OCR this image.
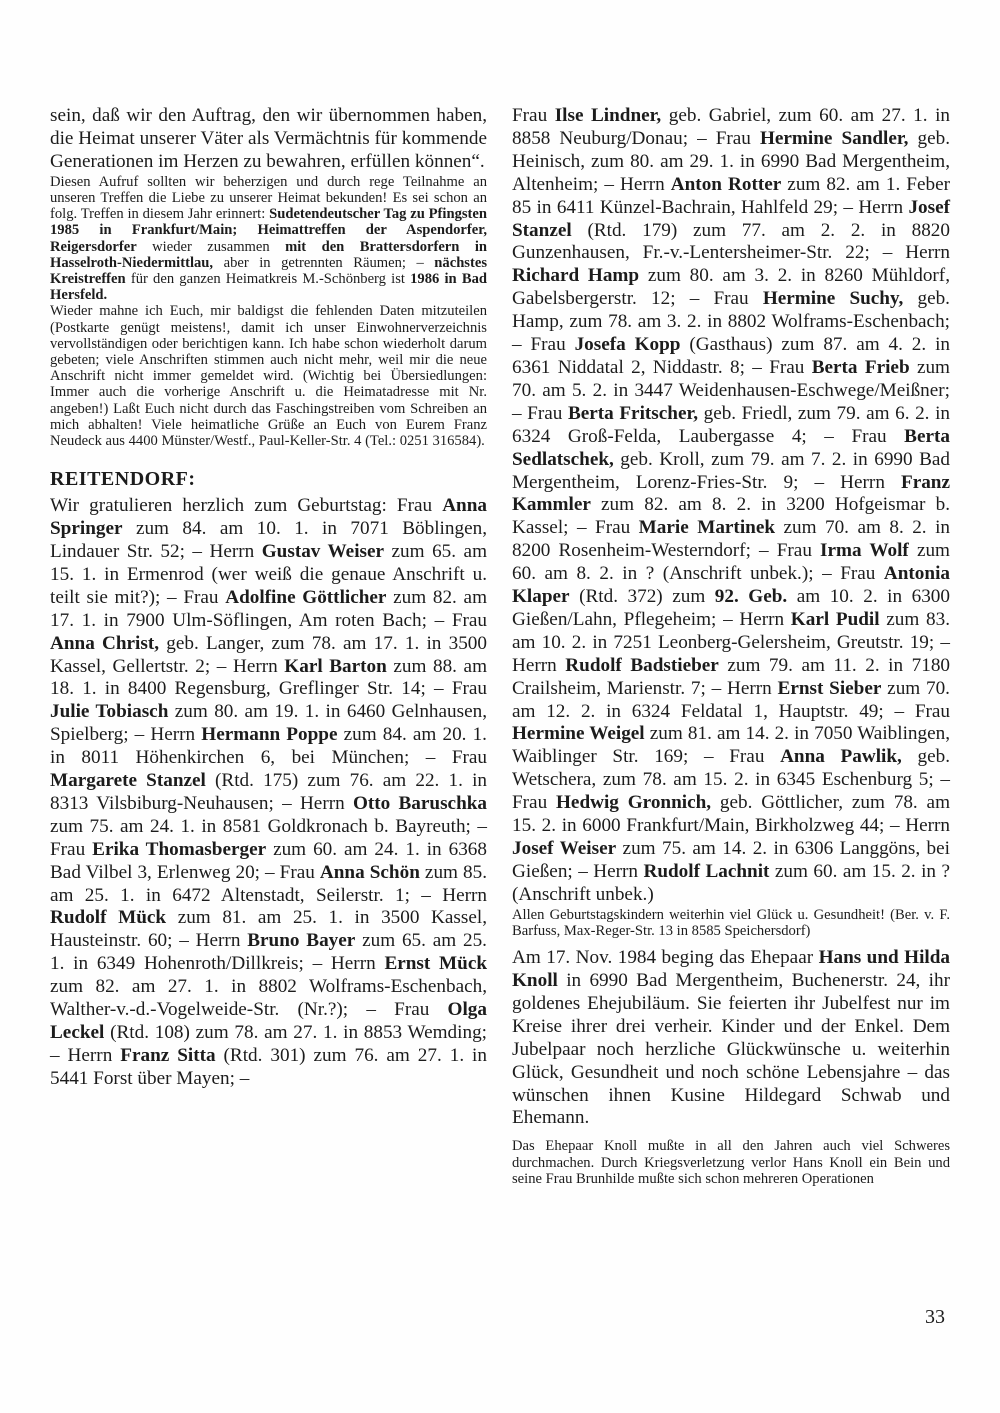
sein, daß wir den Auftrag, den wir übernommen haben, die Heimat unserer Väter als Vermächtnis für kommende Generationen im Herzen zu bewahren, erfüllen können“.

Diesen Aufruf sollten wir beherzigen und durch rege Teilnahme an unseren Treffen die Liebe zu unserer Heimat bekunden! Es sei schon an folg. Treffen in diesem Jahr erinnert: Sudetendeutscher Tag zu Pfingsten 1985 in Frankfurt/Main; Heimattreffen der Aspendorfer, Reigersdorfer wieder zusammen mit den Brattersdorfern in Hasselroth-Niedermittlau, aber in getrennten Räumen; – nächstes Kreistreffen für den ganzen Heimatkreis M.-Schönberg ist 1986 in Bad Hersfeld.

Wieder mahne ich Euch, mir baldigst die fehlenden Daten mitzuteilen (Postkarte genügt meistens!, damit ich unser Einwohnerverzeichnis vervollständigen oder berichtigen kann. Ich habe schon wiederholt darum gebeten; viele Anschriften stimmen auch nicht mehr, weil mir die neue Anschrift nicht immer gemeldet wird. (Wichtig bei Übersiedlungen: Immer auch die vorherige Anschrift u. die Heimatadresse mit Nr. angeben!) Laßt Euch nicht durch das Faschingstreiben vom Schreiben an mich abhalten! Viele heimatliche Grüße an Euch von Eurem Franz Neudeck aus 4400 Münster/Westf., Paul-Keller-Str. 4 (Tel.: 0251 316584).

REITENDORF:

Wir gratulieren herzlich zum Geburtstag: Frau Anna Springer zum 84. am 10. 1. in 7071 Böblingen, Lindauer Str. 52; – Herrn Gustav Weiser zum 65. am 15. 1. in Ermenrod (wer weiß die genaue Anschrift u. teilt sie mit?); – Frau Adolfine Göttlicher zum 82. am 17. 1. in 7900 Ulm-Söflingen, Am roten Bach; – Frau Anna Christ, geb. Langer, zum 78. am 17. 1. in 3500 Kassel, Gellertstr. 2; – Herrn Karl Barton zum 88. am 18. 1. in 8400 Regensburg, Greflinger Str. 14; – Frau Julie Tobiasch zum 80. am 19. 1. in 6460 Gelnhausen, Spielberg; – Herrn Hermann Poppe zum 84. am 20. 1. in 8011 Höhenkirchen 6, bei München; – Frau Margarete Stanzel (Rtd. 175) zum 76. am 22. 1. in 8313 Vilsbiburg-Neuhausen; – Herrn Otto Baruschka zum 75. am 24. 1. in 8581 Goldkronach b. Bayreuth; – Frau Erika Thomasberger zum 60. am 24. 1. in 6368 Bad Vilbel 3, Erlenweg 20; – Frau Anna Schön zum 85. am 25. 1. in 6472 Altenstadt, Seilerstr. 1; – Herrn Rudolf Mück zum 81. am 25. 1. in 3500 Kassel, Hausteinstr. 60; – Herrn Bruno Bayer zum 65. am 25. 1. in 6349 Hohenroth/Dillkreis; – Herrn Ernst Mück zum 82. am 27. 1. in 8802 Wolframs-Eschenbach, Walther-v.-d.-Vogelweide-Str. (Nr.?); – Frau Olga Leckel (Rtd. 108) zum 78. am 27. 1. in 8853 Wemding; – Herrn Franz Sitta (Rtd. 301) zum 76. am 27. 1. in 5441 Forst über Mayen; –

Frau Ilse Lindner, geb. Gabriel, zum 60. am 27. 1. in 8858 Neuburg/Donau; – Frau Hermine Sandler, geb. Heinisch, zum 80. am 29. 1. in 6990 Bad Mergentheim, Altenheim; – Herrn Anton Rotter zum 82. am 1. Feber 85 in 6411 Künzel-Bachrain, Hahlfeld 29; – Herrn Josef Stanzel (Rtd. 179) zum 77. am 2. 2. in 8820 Gunzenhausen, Fr.-v.-Lentersheimer-Str. 22; – Herrn Richard Hamp zum 80. am 3. 2. in 8260 Mühldorf, Gabelsbergerstr. 12; – Frau Hermine Suchy, geb. Hamp, zum 78. am 3. 2. in 8802 Wolframs-Eschenbach; – Frau Josefa Kopp (Gasthaus) zum 87. am 4. 2. in 6361 Niddatal 2, Niddastr. 8; – Frau Berta Frieb zum 70. am 5. 2. in 3447 Weidenhausen-Eschwege/Meißner; – Frau Berta Fritscher, geb. Friedl, zum 79. am 6. 2. in 6324 Groß-Felda, Laubergasse 4; – Frau Berta Sedlatschek, geb. Kroll, zum 79. am 7. 2. in 6990 Bad Mergentheim, Lorenz-Fries-Str. 9; – Herrn Franz Kammler zum 82. am 8. 2. in 3200 Hofgeismar b. Kassel; – Frau Marie Martinek zum 70. am 8. 2. in 8200 Rosenheim-Westerndorf; – Frau Irma Wolf zum 60. am 8. 2. in ? (Anschrift unbek.); – Frau Antonia Klaper (Rtd. 372) zum 92. Geb. am 10. 2. in 6300 Gießen/Lahn, Pflegeheim; – Herrn Karl Pudil zum 83. am 10. 2. in 7251 Leonberg-Gelersheim, Greutstr. 19; – Herrn Rudolf Badstieber zum 79. am 11. 2. in 7180 Crailsheim, Marienstr. 7; – Herrn Ernst Sieber zum 70. am 12. 2. in 6324 Feldatal 1, Hauptstr. 49; – Frau Hermine Weigel zum 81. am 14. 2. in 7050 Waiblingen, Waiblinger Str. 169; – Frau Anna Pawlik, geb. Wetschera, zum 78. am 15. 2. in 6345 Eschenburg 5; – Frau Hedwig Gronnich, geb. Göttlicher, zum 78. am 15. 2. in 6000 Frankfurt/Main, Birkholzweg 44; – Herrn Josef Weiser zum 75. am 14. 2. in 6306 Langgöns, bei Gießen; – Herrn Rudolf Lachnit zum 60. am 15. 2. in ? (Anschrift unbek.)

Allen Geburtstagskindern weiterhin viel Glück u. Gesundheit! (Ber. v. F. Barfuss, Max-Reger-Str. 13 in 8585 Speichersdorf)

Am 17. Nov. 1984 beging das Ehepaar Hans und Hilda Knoll in 6990 Bad Mergentheim, Buchenerstr. 24, ihr goldenes Ehejubiläum. Sie feierten ihr Jubelfest nur im Kreise ihrer drei verheir. Kinder und der Enkel. Dem Jubelpaar noch herzliche Glückwünsche u. weiterhin Glück, Gesundheit und noch schöne Lebensjahre – das wünschen ihnen Kusine Hildegard Schwab und Ehemann.

Das Ehepaar Knoll mußte in all den Jahren auch viel Schweres durchmachen. Durch Kriegsverletzung verlor Hans Knoll ein Bein und seine Frau Brunhilde mußte sich schon mehreren Operationen

33
